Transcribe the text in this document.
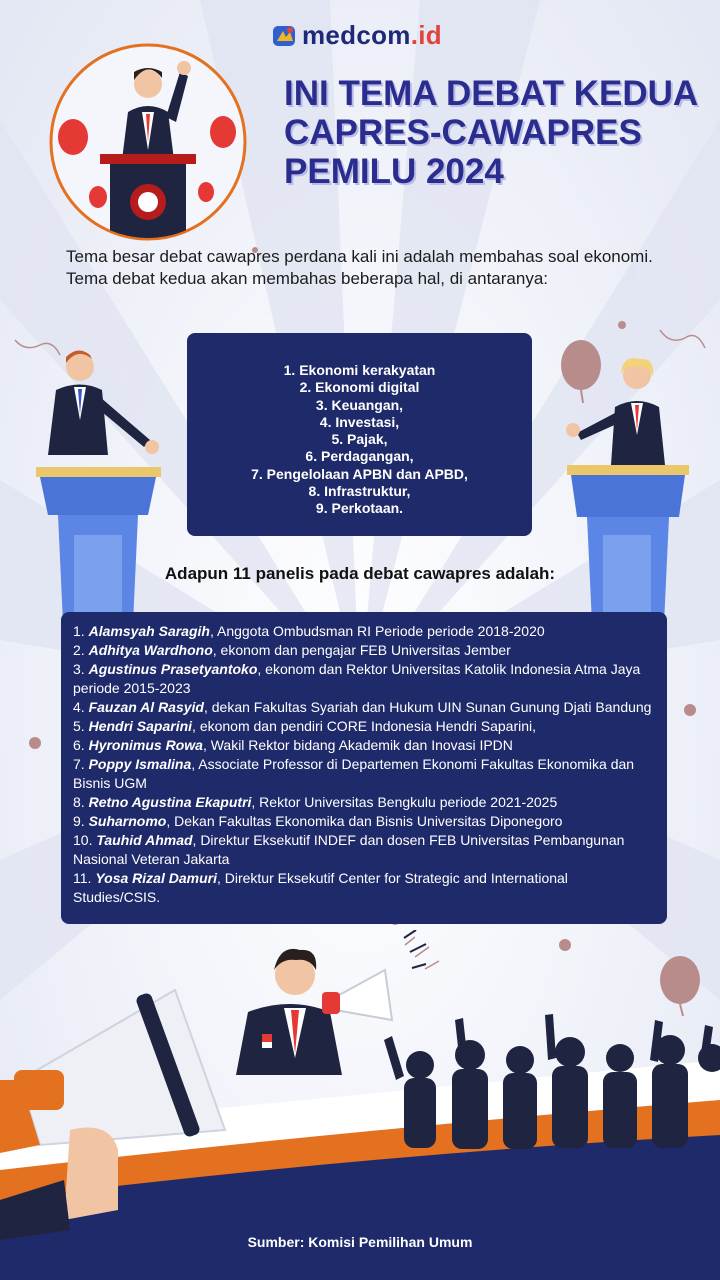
medcom.id
INI TEMA DEBAT KEDUA
CAPRES-CAWAPRES
PEMILU 2024

Tema besar debat cawapres perdana kali ini adalah membahas soal ekonomi. Tema debat kedua akan membahas beberapa hal, di antaranya:

1. Ekonomi kerakyatan
2. Ekonomi digital
3. Keuangan,
4. Investasi,
5. Pajak,
6. Perdagangan,
7. Pengelolaan APBN dan APBD,
8. Infrastruktur,
9. Perkotaan.
Adapun 11 panelis pada debat cawapres adalah:
1. Alamsyah Saragih, Anggota Ombudsman RI Periode periode 2018-2020
2. Adhitya Wardhono, ekonom dan pengajar FEB Universitas Jember
3. Agustinus Prasetyantoko, ekonom dan Rektor Universitas Katolik Indonesia Atma Jaya periode 2015-2023
4. Fauzan Al Rasyid, dekan Fakultas Syariah dan Hukum UIN Sunan Gunung Djati Bandung
5. Hendri Saparini, ekonom dan pendiri CORE Indonesia Hendri Saparini,
6. Hyronimus Rowa, Wakil Rektor bidang Akademik dan Inovasi IPDN
7. Poppy Ismalina, Associate Professor di Departemen Ekonomi Fakultas Ekonomika dan Bisnis UGM
8. Retno Agustina Ekaputri, Rektor Universitas Bengkulu periode 2021-2025
9. Suharnomo, Dekan Fakultas Ekonomika dan Bisnis Universitas Diponegoro
10. Tauhid Ahmad, Direktur Eksekutif INDEF dan dosen FEB Universitas Pembangunan Nasional Veteran Jakarta
11. Yosa Rizal Damuri, Direktur Eksekutif Center for Strategic and International Studies/CSIS.
Sumber: Komisi Pemilihan Umum
